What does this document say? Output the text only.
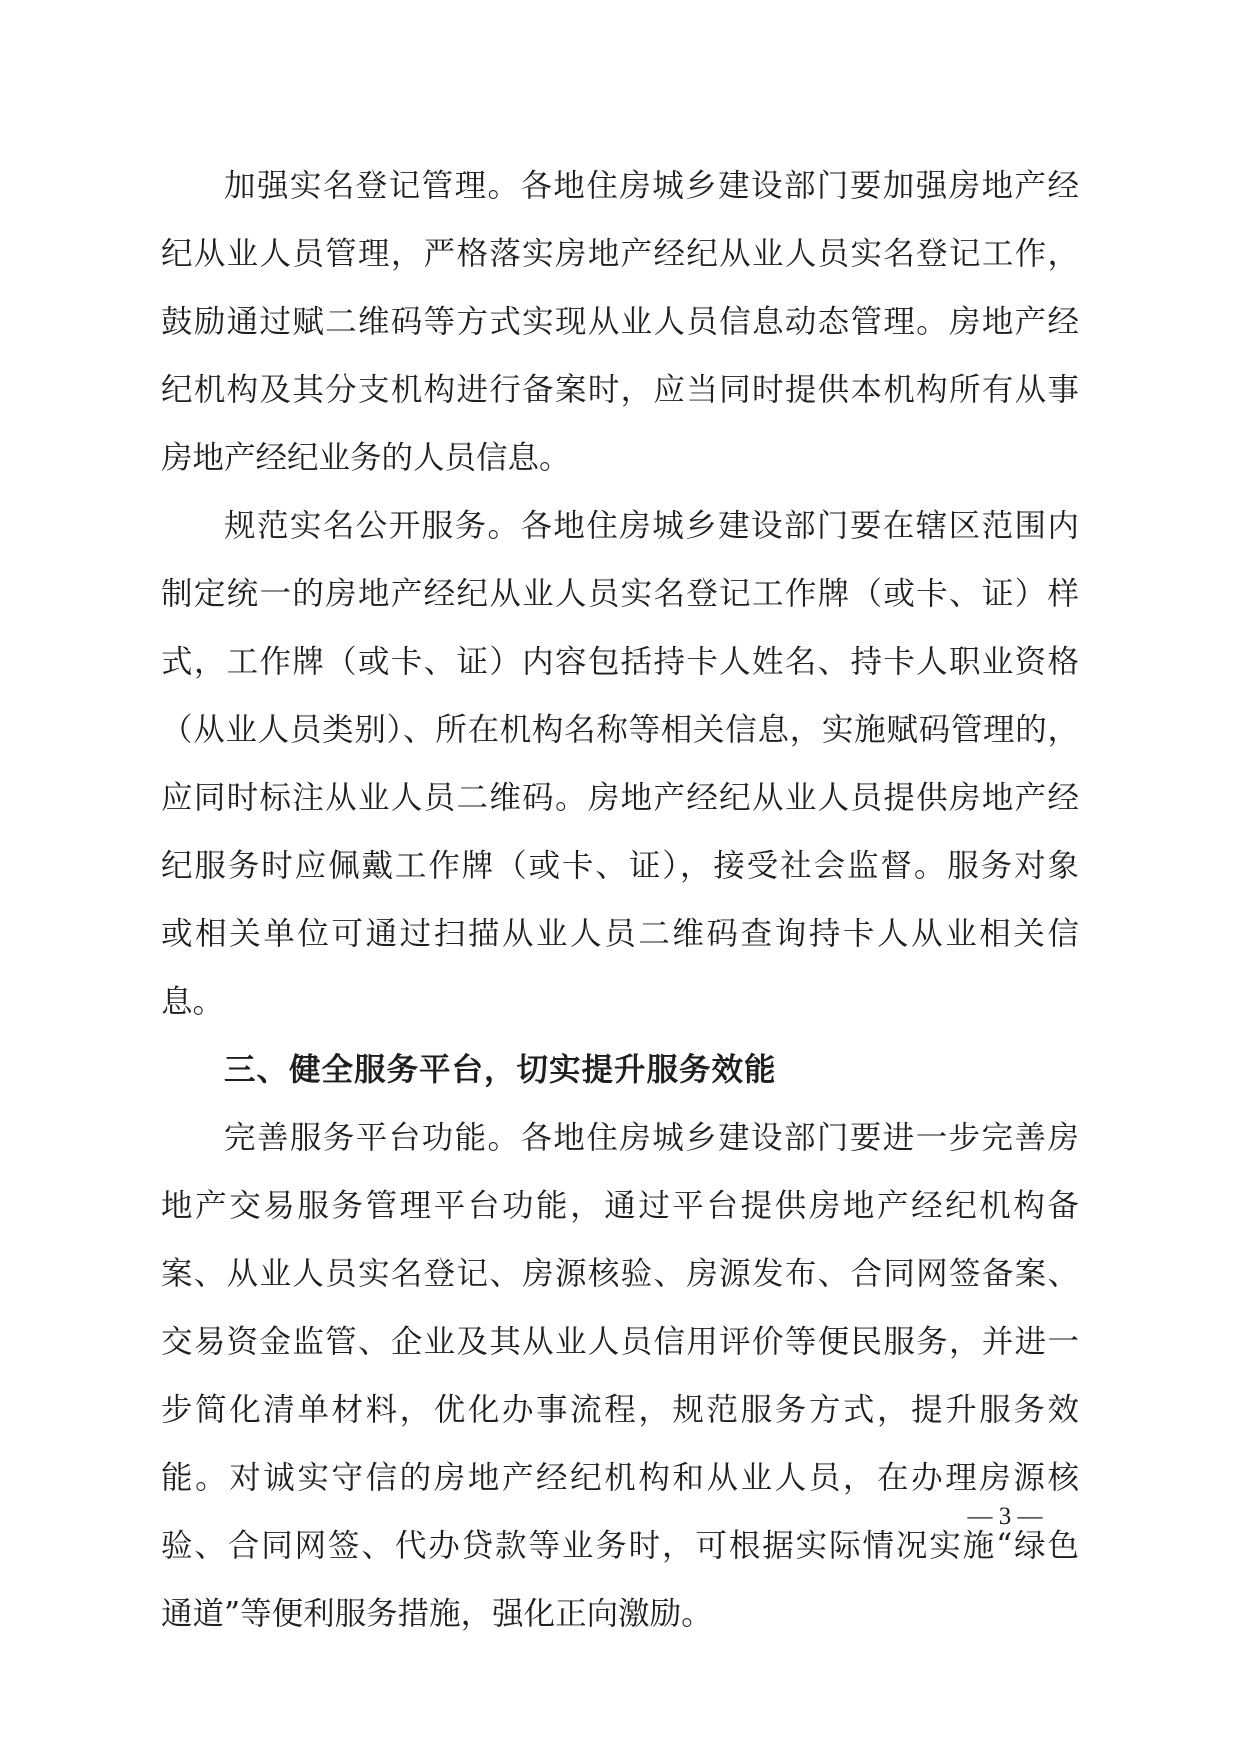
加强实名登记管理。各地住房城乡建设部门要加强房地产经
纪从业人员管理，严格落实房地产经纪从业人员实名登记工作，
鼓励通过赋二维码等方式实现从业人员信息动态管理。房地产经
纪机构及其分支机构进行备案时，应当同时提供本机构所有从事
房地产经纪业务的人员信息。
规范实名公开服务。各地住房城乡建设部门要在辖区范围内
制定统一的房地产经纪从业人员实名登记工作牌（或卡、证）样
式，工作牌（或卡、证）内容包括持卡人姓名、持卡人职业资格
（从业人员类别）、所在机构名称等相关信息，实施赋码管理的，
应同时标注从业人员二维码。房地产经纪从业人员提供房地产经
纪服务时应佩戴工作牌（或卡、证），接受社会监督。服务对象
或相关单位可通过扫描从业人员二维码查询持卡人从业相关信
息。
三、健全服务平台，切实提升服务效能
完善服务平台功能。各地住房城乡建设部门要进一步完善房
地产交易服务管理平台功能，通过平台提供房地产经纪机构备
案、从业人员实名登记、房源核验、房源发布、合同网签备案、
交易资金监管、企业及其从业人员信用评价等便民服务，并进一
步简化清单材料，优化办事流程，规范服务方式，提升服务效
能。对诚实守信的房地产经纪机构和从业人员，在办理房源核
验、合同网签、代办贷款等业务时，可根据实际情况实施“绿色
通道”等便利服务措施，强化正向激励。
— 3 —
